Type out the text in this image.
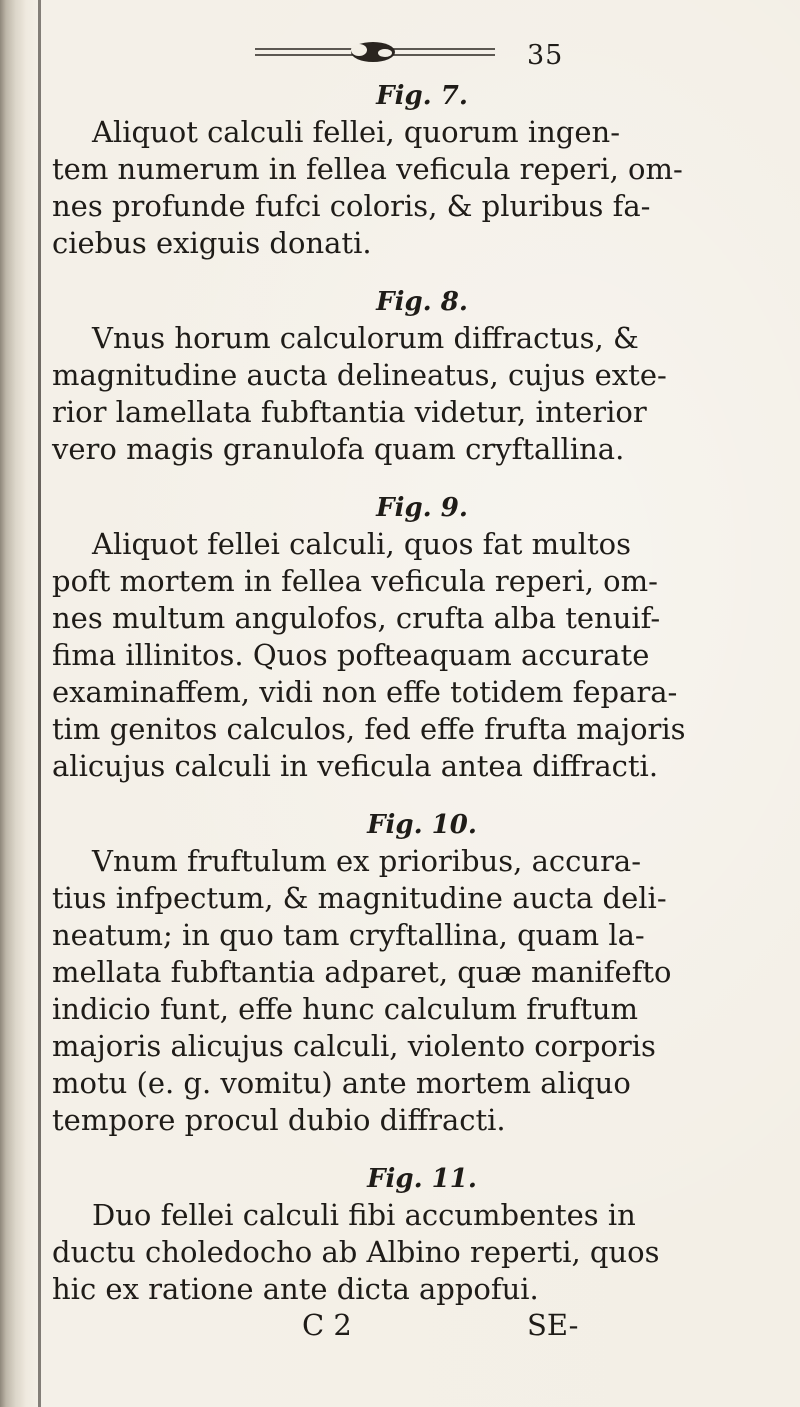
35
Fig. 7.

Aliquot calculi fellei, quorum ingen-
tem numerum in fellea veficula reperi, om-
nes profunde fufci coloris, & pluribus fa-
ciebus exiguis donati.

Fig. 8.

Vnus horum calculorum diffractus, &
magnitudine aucta delineatus, cujus exte-
rior lamellata fubftantia videtur, interior
vero magis granulofa quam cryftallina.

Fig. 9.

Aliquot fellei calculi, quos fat multos
poft mortem in fellea veficula reperi, om-
nes multum angulofos, crufta alba tenuif-
fima illinitos. Quos pofteaquam accurate
examinaffem, vidi non effe totidem fepara-
tim genitos calculos, fed effe frufta majoris
alicujus calculi in veficula antea diffracti.

Fig. 10.

Vnum fruftulum ex prioribus, accura-
tius infpectum, & magnitudine aucta deli-
neatum; in quo tam cryftallina, quam la-
mellata fubftantia adparet, quæ manifefto
indicio funt, effe hunc calculum fruftum
majoris alicujus calculi, violento corporis
motu (e. g. vomitu) ante mortem aliquo
tempore procul dubio diffracti.

Fig. 11.

Duo fellei calculi fibi accumbentes in
ductu choledocho ab Albino reperti, quos
hic ex ratione ante dicta appofui.

C 2	SE-
